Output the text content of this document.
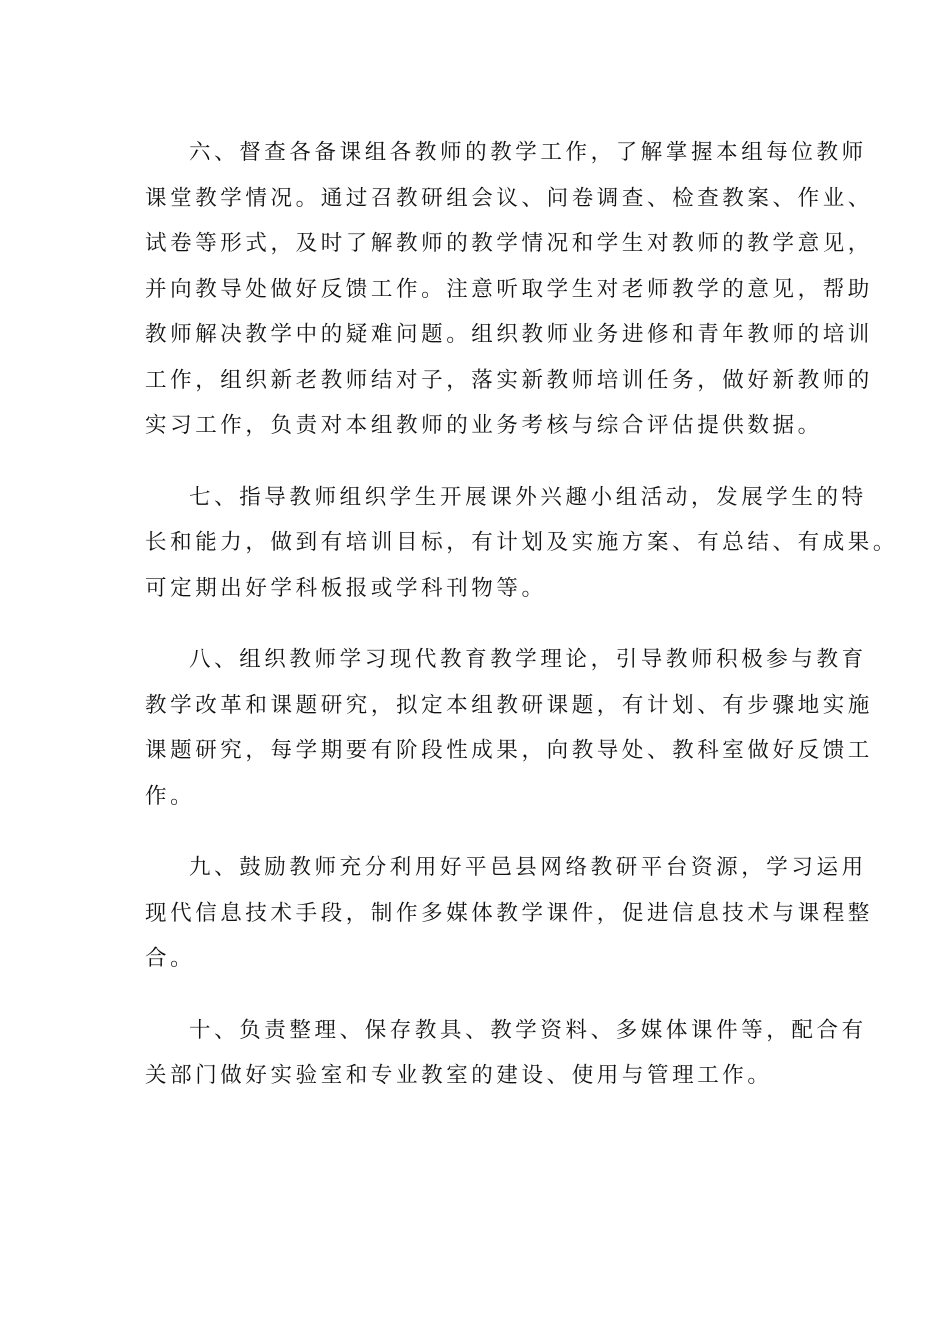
六、督查各备课组各教师的教学工作，了解掌握本组每位教师
课堂教学情况。通过召教研组会议、问卷调查、检查教案、作业、
试卷等形式，及时了解教师的教学情况和学生对教师的教学意见，
并向教导处做好反馈工作。注意听取学生对老师教学的意见，帮助
教师解决教学中的疑难问题。组织教师业务进修和青年教师的培训
工作，组织新老教师结对子，落实新教师培训任务，做好新教师的
实习工作，负责对本组教师的业务考核与综合评估提供数据。

七、指导教师组织学生开展课外兴趣小组活动，发展学生的特
长和能力，做到有培训目标，有计划及实施方案、有总结、有成果。
可定期出好学科板报或学科刊物等。

八、组织教师学习现代教育教学理论，引导教师积极参与教育
教学改革和课题研究，拟定本组教研课题，有计划、有步骤地实施
课题研究，每学期要有阶段性成果，向教导处、教科室做好反馈工
作。

九、鼓励教师充分利用好平邑县网络教研平台资源，学习运用
现代信息技术手段，制作多媒体教学课件，促进信息技术与课程整
合。

十、负责整理、保存教具、教学资料、多媒体课件等，配合有
关部门做好实验室和专业教室的建设、使用与管理工作。
